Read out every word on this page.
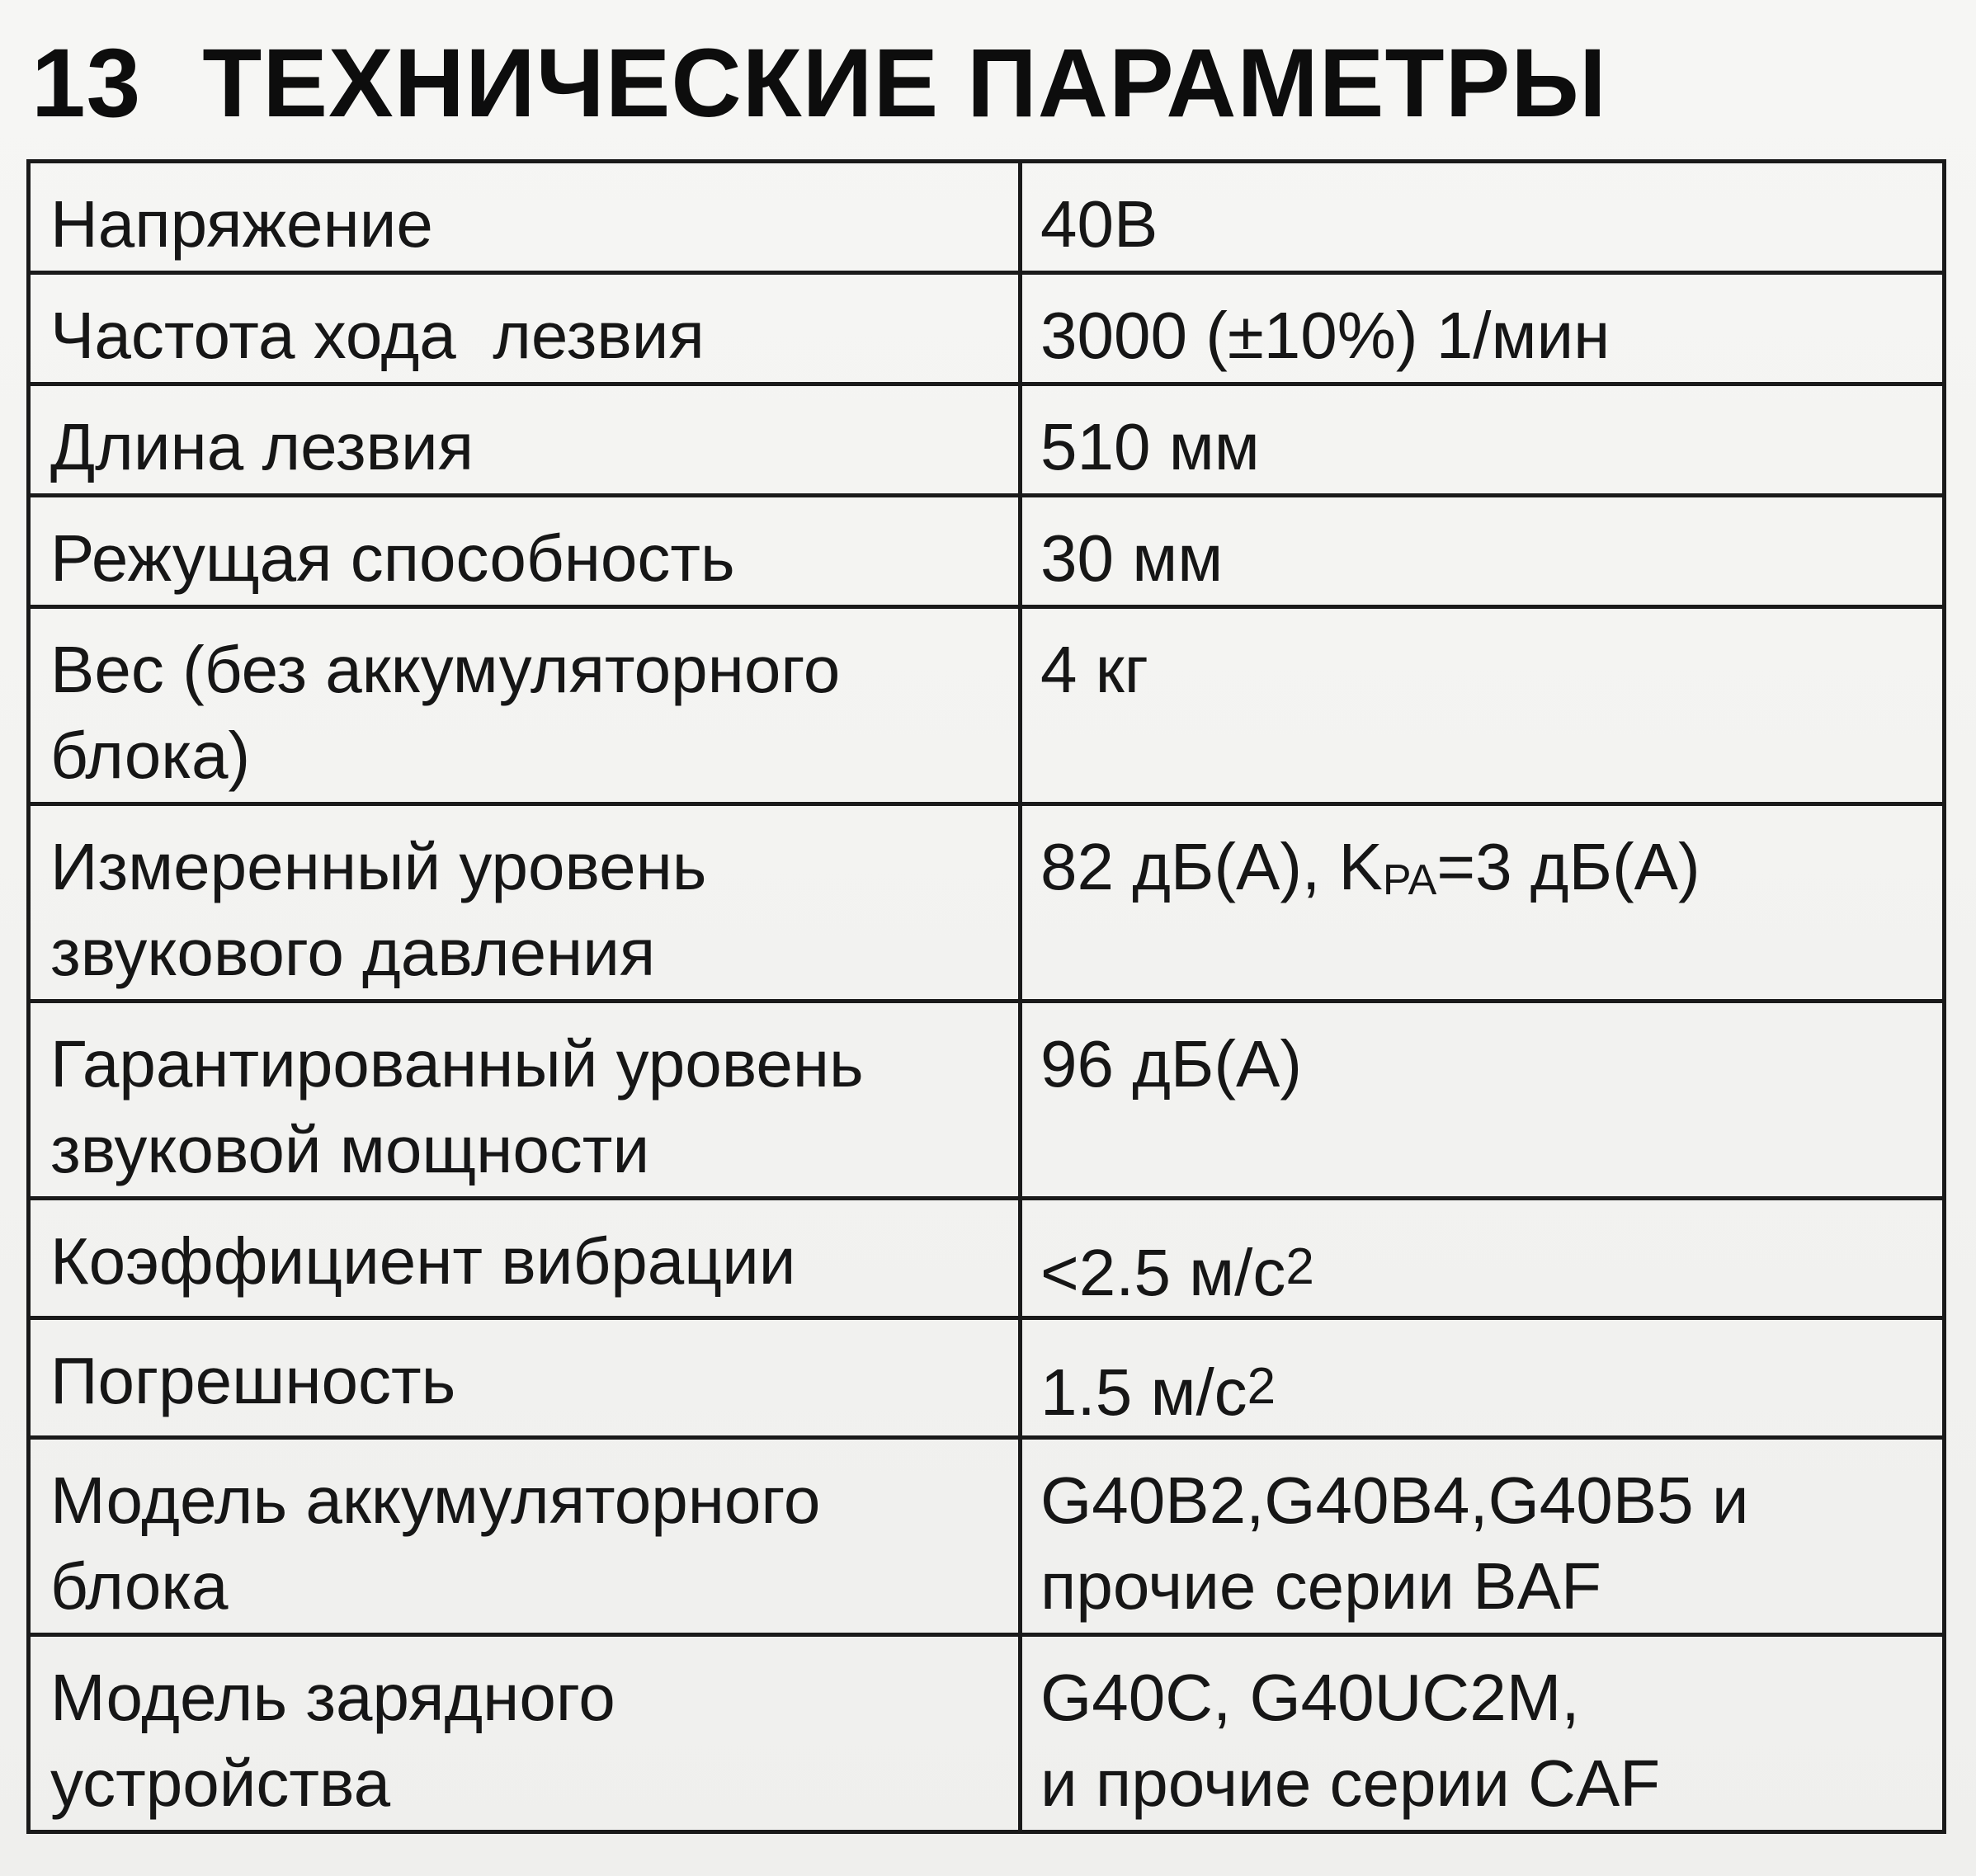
13 ТЕХНИЧЕСКИЕ ПАРАМЕТРЫ
Напряжение	40В

Частота хода  лезвия	3000 (±10%) 1/мин

Длина лезвия	510 мм

Режущая способность	30 мм

Вес (без аккумуляторного
блока)	4 кг

Измеренный уровень
звукового давления	82 дБ(A), $K_{PA}=3$ дБ(A)

Гарантированный уровень
звуковой мощности	96 дБ(A)

Коэффициент вибрации	<2.5 $м/с^2$

Погрешность	1.5 $м/с^2$

Модель аккумуляторного
блока	G40B2,G40B4,G40B5 и
прочие серии BAF

Модель зарядного
устройства	G40C, G40UC2M,
и прочие серии CAF
